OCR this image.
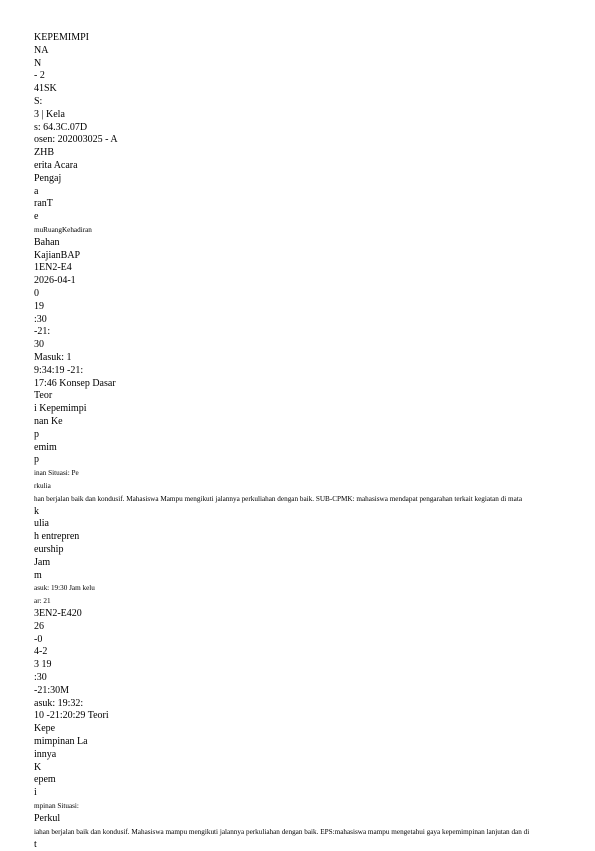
KEPEMIMPI
NA
N
- 2
41SK
S:
3 | Kela
s: 64.3C.07D
osen: 202003025 - A
ZHB
erita Acara
Pengaj
a
ranT
e
muRuangKehadiran
Bahan
KajianBAP
1EN2-E4
2026-04-1
0
19
:30
-21:
30
Masuk: 1
9:34:19 -21:
17:46 Konsep Dasar
Teor
i Kepemimpi
nan Ke
p
emim
p
inan Situasi: Pe
rkulia
han berjalan baik dan kondusif. Mahasiswa Mampu mengikuti jalannya perkuliahan dengan baik. SUB-CPMK: mahasiswa mendapat pengarahan terkait kegiatan di mata
k
ulia
h entrepren
eurship
Jam
m
asuk: 19:30 Jam kelu
ar: 21
3EN2-E420
26
-0
4-2
3 19
:30
-21:30M
asuk: 19:32:
10 -21:20:29 Teori
Kepe
mimpinan La
innya
K
epem
i
mpinan Situasi:
Perkul
iahan berjalan baik dan kondusif. Mahasiswa mampu mengikuti jalannya perkuliahan dengan baik. EPS:mahasiswa mampu mengetahui gaya kepemimpinan lanjutan dan di
t
